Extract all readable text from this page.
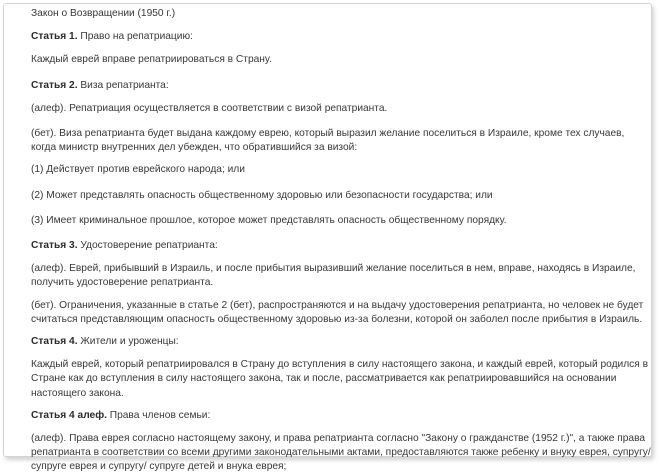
Закон о Возвращении (1950 г.)

Статья 1. Право на репатриацию:

Каждый еврей вправе репатриироваться в Страну.

Статья 2. Виза репатрианта:

(алеф). Репатриация осуществляется в соответствии с визой репатрианта.

(бет). Виза репатрианта будет выдана каждому еврею, который выразил желание поселиться в Израиле, кроме тех случаев, когда министр внутренних дел убежден, что обратившийся за визой:

(1) Действует против еврейского народа; или

(2) Может представлять опасность общественному здоровью или безопасности государства; или

(3) Имеет криминальное прошлое, которое может представлять опасность общественному порядку.

Статья 3. Удостоверение репатрианта:

(алеф). Еврей, прибывший в Израиль, и после прибытия выразивший желание поселиться в нем, вправе, находясь в Израиле, получить удостоверение репатрианта.

(бет). Ограничения, указанные в статье 2 (бет), распространяются и на выдачу удостоверения репатрианта, но человек не будет считаться представляющим опасность общественному здоровью из-за болезни, которой он заболел после прибытия в Израиль.

Статья 4. Жители и уроженцы:

Каждый еврей, который репатриировался в Страну до вступления в силу настоящего закона, и каждый еврей, который родился в Стране как до вступления в силу настоящего закона, так и после, рассматривается как репатриировавшийся на основании настоящего закона.

Статья 4 алеф. Права членов семьи:

(алеф). Права еврея согласно настоящему закону, и права репатрианта согласно "Закону о гражданстве (1952 г.)", а также права репатрианта в соответствии со всеми другими законодательными актами, предоставляются также ребенку и внуку еврея, супругу/супруге еврея и супругу/ супруге детей и внука еврея;
